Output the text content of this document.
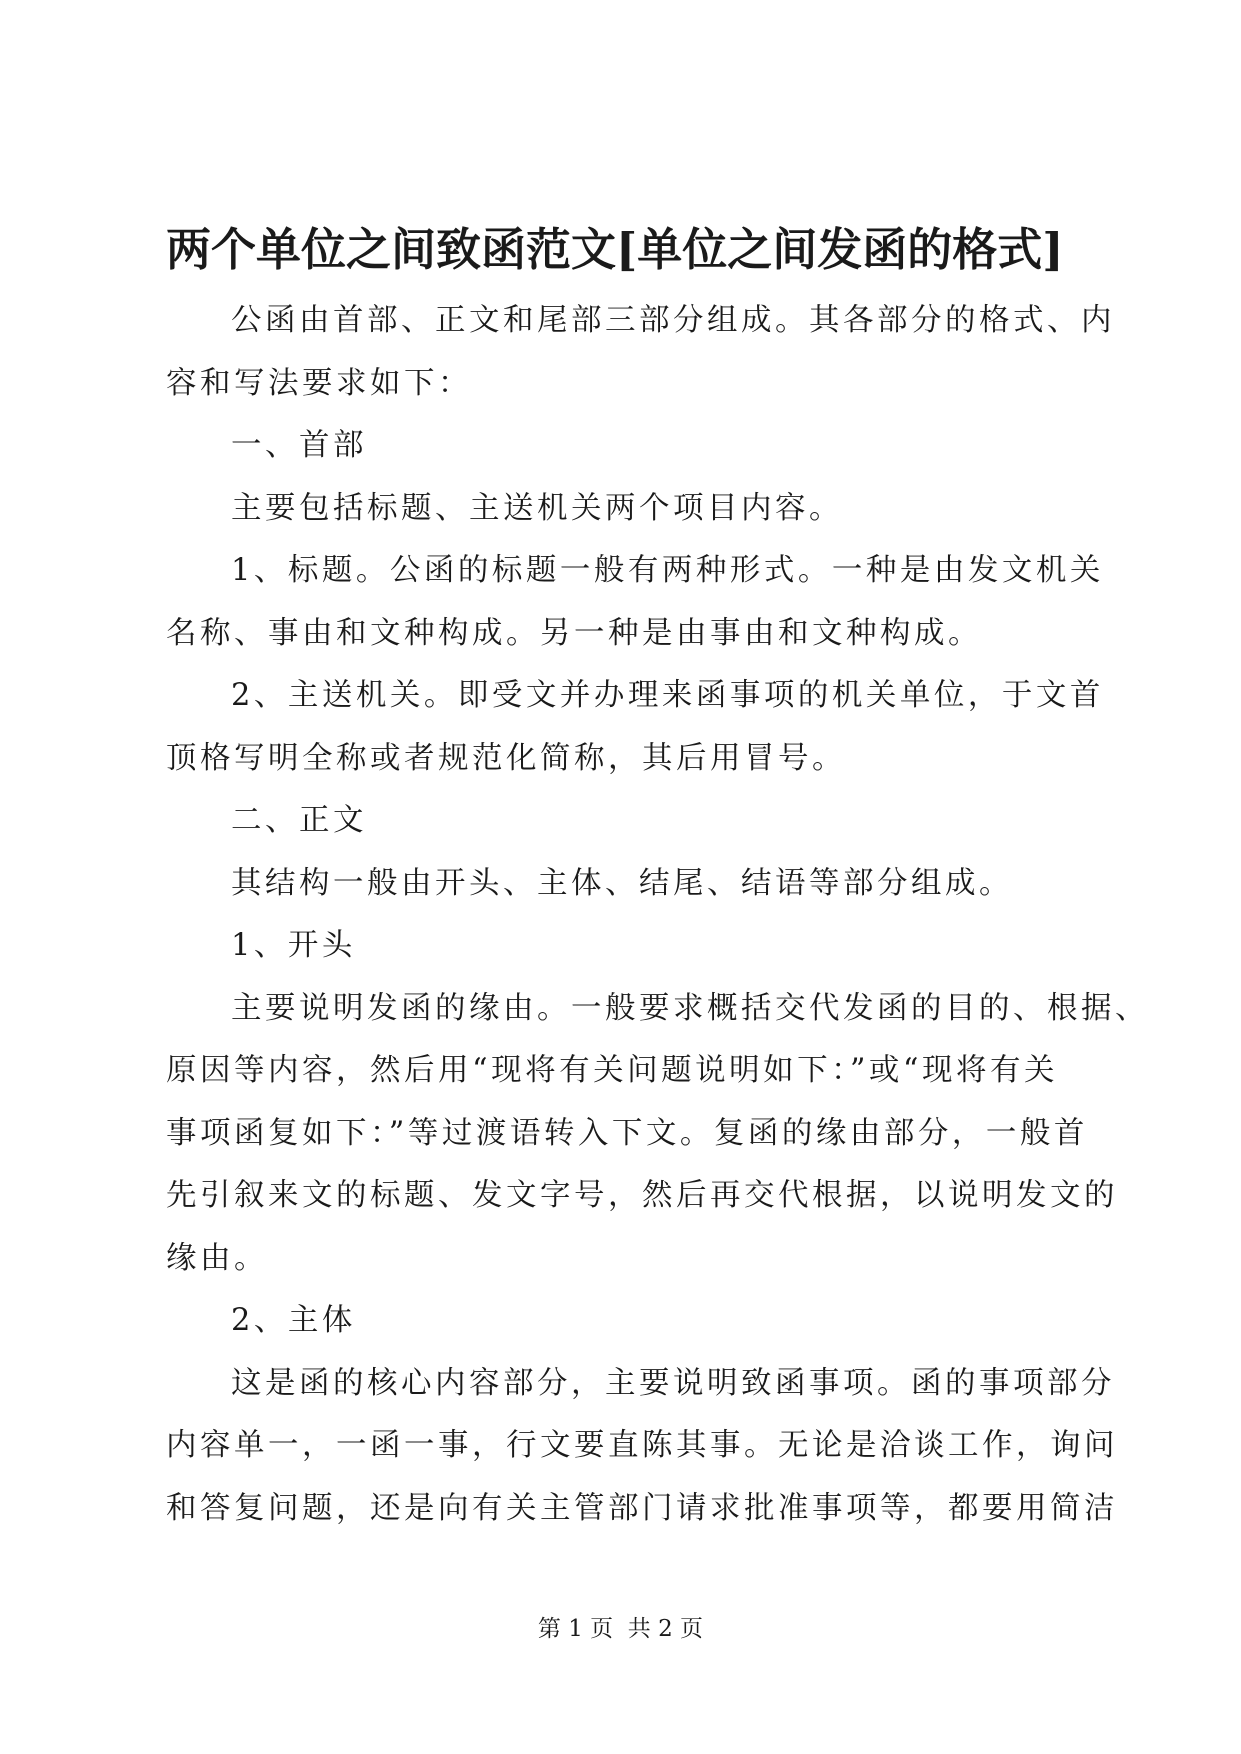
两个单位之间致函范文[单位之间发函的格式]

公函由首部、正文和尾部三部分组成。其各部分的格式、内
容和写法要求如下：

一、首部

主要包括标题、主送机关两个项目内容。

1、标题。公函的标题一般有两种形式。一种是由发文机关
名称、事由和文种构成。另一种是由事由和文种构成。

2、主送机关。即受文并办理来函事项的机关单位，于文首
顶格写明全称或者规范化简称，其后用冒号。

二、正文

其结构一般由开头、主体、结尾、结语等部分组成。

1、开头

主要说明发函的缘由。一般要求概括交代发函的目的、根据、
原因等内容，然后用“现将有关问题说明如下：”或“现将有关
事项函复如下：”等过渡语转入下文。复函的缘由部分，一般首
先引叙来文的标题、发文字号，然后再交代根据，以说明发文的
缘由。

2、主体

这是函的核心内容部分，主要说明致函事项。函的事项部分
内容单一，一函一事，行文要直陈其事。无论是洽谈工作，询问
和答复问题，还是向有关主管部门请求批准事项等，都要用简洁

第 1 页  共 2 页
